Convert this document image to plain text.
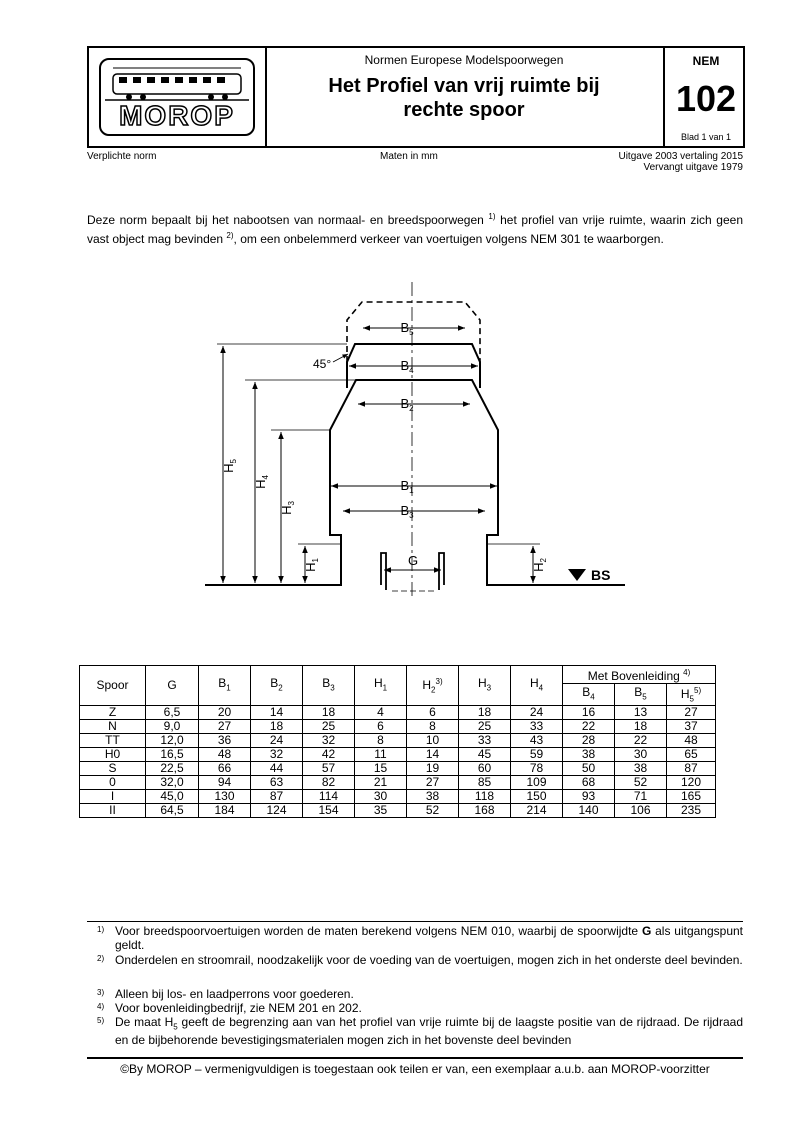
MOROP
Normen Europese Modelspoorwegen
Het Profiel van vrij ruimte bij
rechte spoor
NEM
102
Blad 1 van 1
Verplichte norm	Maten in mm	Uitgave 2003 vertaling 2015
Vervangt uitgave 1979
Deze norm bepaalt bij het nabootsen van normaal- en breedspoorwegen $^{1)}$ het profiel van vrije ruimte, waarin zich geen vast object mag bevinden $^{2)}$, om een onbelemmerd verkeer van voertuigen volgens NEM 301 te waarborgen.
BS
45°
$B_5$
$B_4$
$B_2$
$B_1$
$B_3$
G
$H_5$
$H_4$
$H_3$
$H_1$
$H_2$
Spoor	G	$B_1$	$B_2$	$B_3$	$H_1$	$H_2^{3)}$	$H_3$	$H_4$	Met Bovenleiding $^{4)}$
									$B_4$	$B_5$	$H_5^{5)}$
Z	6,5	20	14	18	4	6	18	24	16	13	27
N	9,0	27	18	25	6	8	25	33	22	18	37
TT	12,0	36	24	32	8	10	33	43	28	22	48
H0	16,5	48	32	42	11	14	45	59	38	30	65
S	22,5	66	44	57	15	19	60	78	50	38	87
0	32,0	94	63	82	21	27	85	109	68	52	120
I	45,0	130	87	114	30	38	118	150	93	71	165
II	64,5	184	124	154	35	52	168	214	140	106	235
1) Voor breedspoorvoertuigen worden de maten berekend volgens NEM 010, waarbij de spoorwijdte G als uitgangspunt geldt.
2) Onderdelen en stroomrail, noodzakelijk voor de voeding van de voertuigen, mogen zich in het onderste deel bevinden.
3) Alleen bij los- en laadperrons voor goederen.
4) Voor bovenleidingbedrijf, zie NEM 201 en 202.
5) De maat $H_5$ geeft de begrenzing aan van het profiel van vrije ruimte bij de laagste positie van de rijdraad. De rijdraad en de bijbehorende bevestigingsmaterialen mogen zich in het bovenste deel bevinden
©By MOROP – vermenigvuldigen is toegestaan ook teilen er van, een exemplaar a.u.b. aan MOROP-voorzitter
